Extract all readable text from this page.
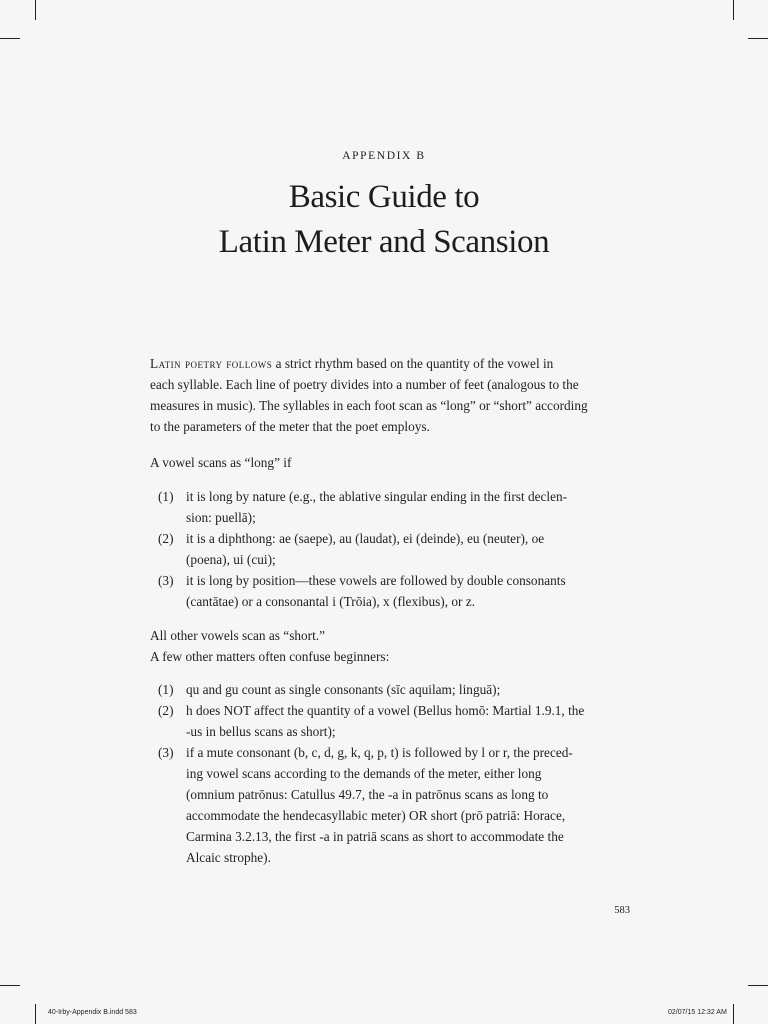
APPENDIX B
Basic Guide to
Latin Meter and Scansion

Latin poetry follows a strict rhythm based on the quantity of the vowel in
each syllable. Each line of poetry divides into a number of feet (analogous to the
measures in music). The syllables in each foot scan as “long” or “short” according
to the parameters of the meter that the poet employs.

A vowel scans as “long” if

(1) it is long by nature (e.g., the ablative singular ending in the first declen-
sion: puellā);
(2) it is a diphthong: ae (saepe), au (laudat), ei (deinde), eu (neuter), oe
(poena), ui (cui);
(3) it is long by position—these vowels are followed by double consonants
(cantātae) or a consonantal i (Trōia), x (flexibus), or z.

All other vowels scan as “short.”

A few other matters often confuse beginners:

(1) qu and gu count as single consonants (sīc aquilam; linguā);
(2) h does NOT affect the quantity of a vowel (Bellus homō: Martial 1.9.1, the
-us in bellus scans as short);
(3) if a mute consonant (b, c, d, g, k, q, p, t) is followed by l or r, the preced-
ing vowel scans according to the demands of the meter, either long
(omnium patrōnus: Catullus 49.7, the -a in patrōnus scans as long to
accommodate the hendecasyllabic meter) OR short (prō patriā: Horace,
Carmina 3.2.13, the first -a in patriā scans as short to accommodate the
Alcaic strophe).
583
40-Irby-Appendix B.indd 583	02/07/15 12:32 AM
